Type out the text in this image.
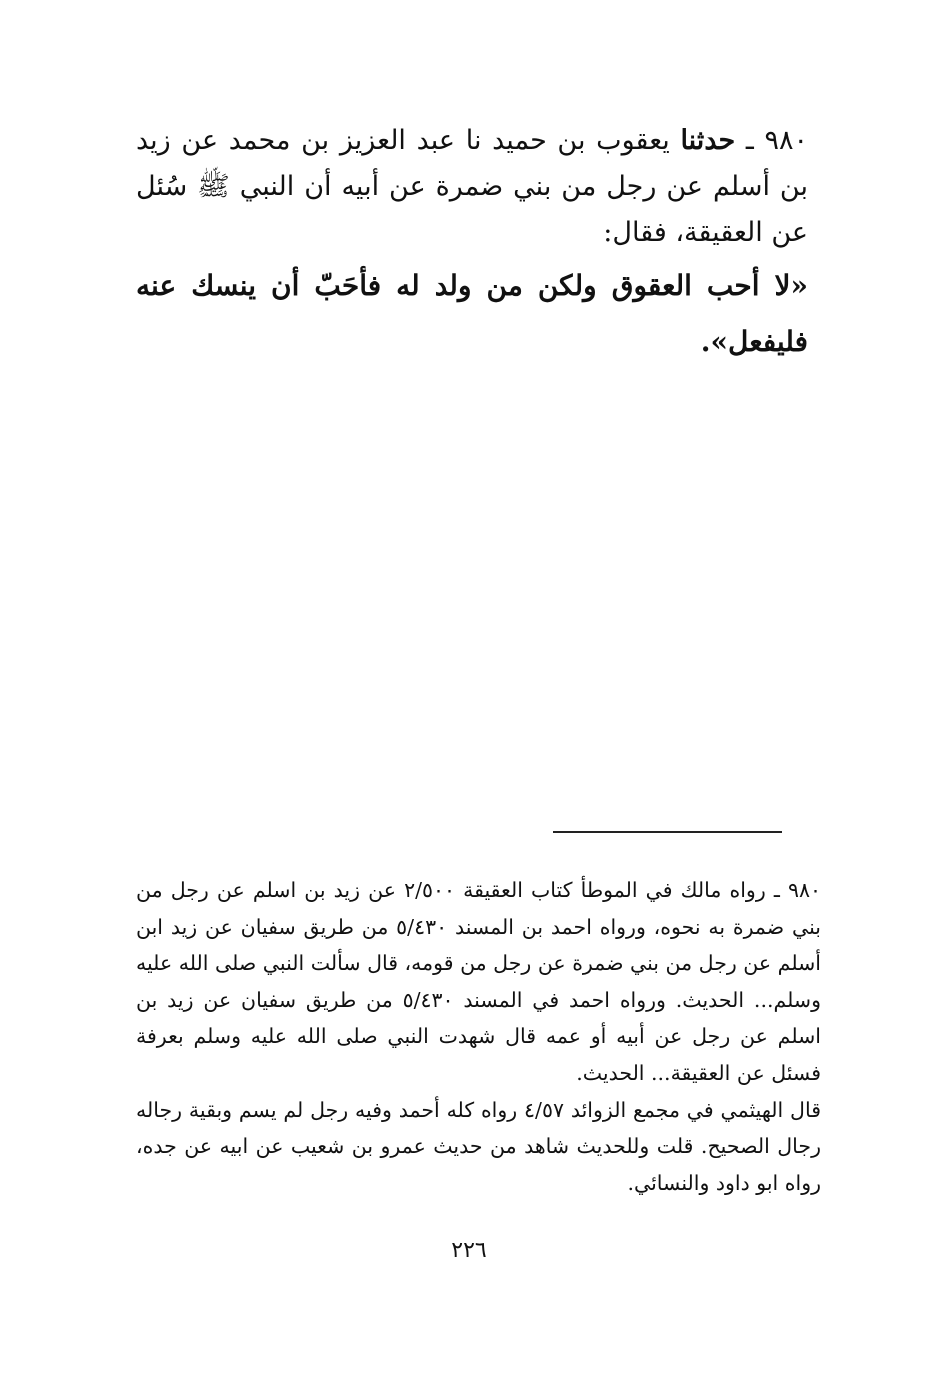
٩٨٠ ـ حدثنا يعقوب بن حميد نا عبد العزيز بن محمد عن زيد بن أسلم عن رجل من بني ضمرة عن أبيه أن النبي ﷺ سُئل عن العقيقة، فقال:

«لا أحب العقوق ولكن من ولد له فأحَبّ أن ينسك عنه فليفعل».

٩٨٠ ـ رواه مالك في الموطأ كتاب العقيقة ٢/٥٠٠ عن زيد بن اسلم عن رجل من بني ضمرة به نحوه، ورواه احمد بن المسند ٥/٤٣٠ من طريق سفيان عن زيد ابن أسلم عن رجل من بني ضمرة عن رجل من قومه، قال سألت النبي صلى الله عليه وسلم... الحديث. ورواه احمد في المسند ٥/٤٣٠ من طريق سفيان عن زيد بن اسلم عن رجل عن أبيه أو عمه قال شهدت النبي صلى الله عليه وسلم بعرفة فسئل عن العقيقة... الحديث.

قال الهيثمي في مجمع الزوائد ٤/٥٧ رواه كله أحمد وفيه رجل لم يسم وبقية رجاله رجال الصحيح. قلت وللحديث شاهد من حديث عمرو بن شعيب عن ابيه عن جده، رواه ابو داود والنسائي.

٢٢٦
